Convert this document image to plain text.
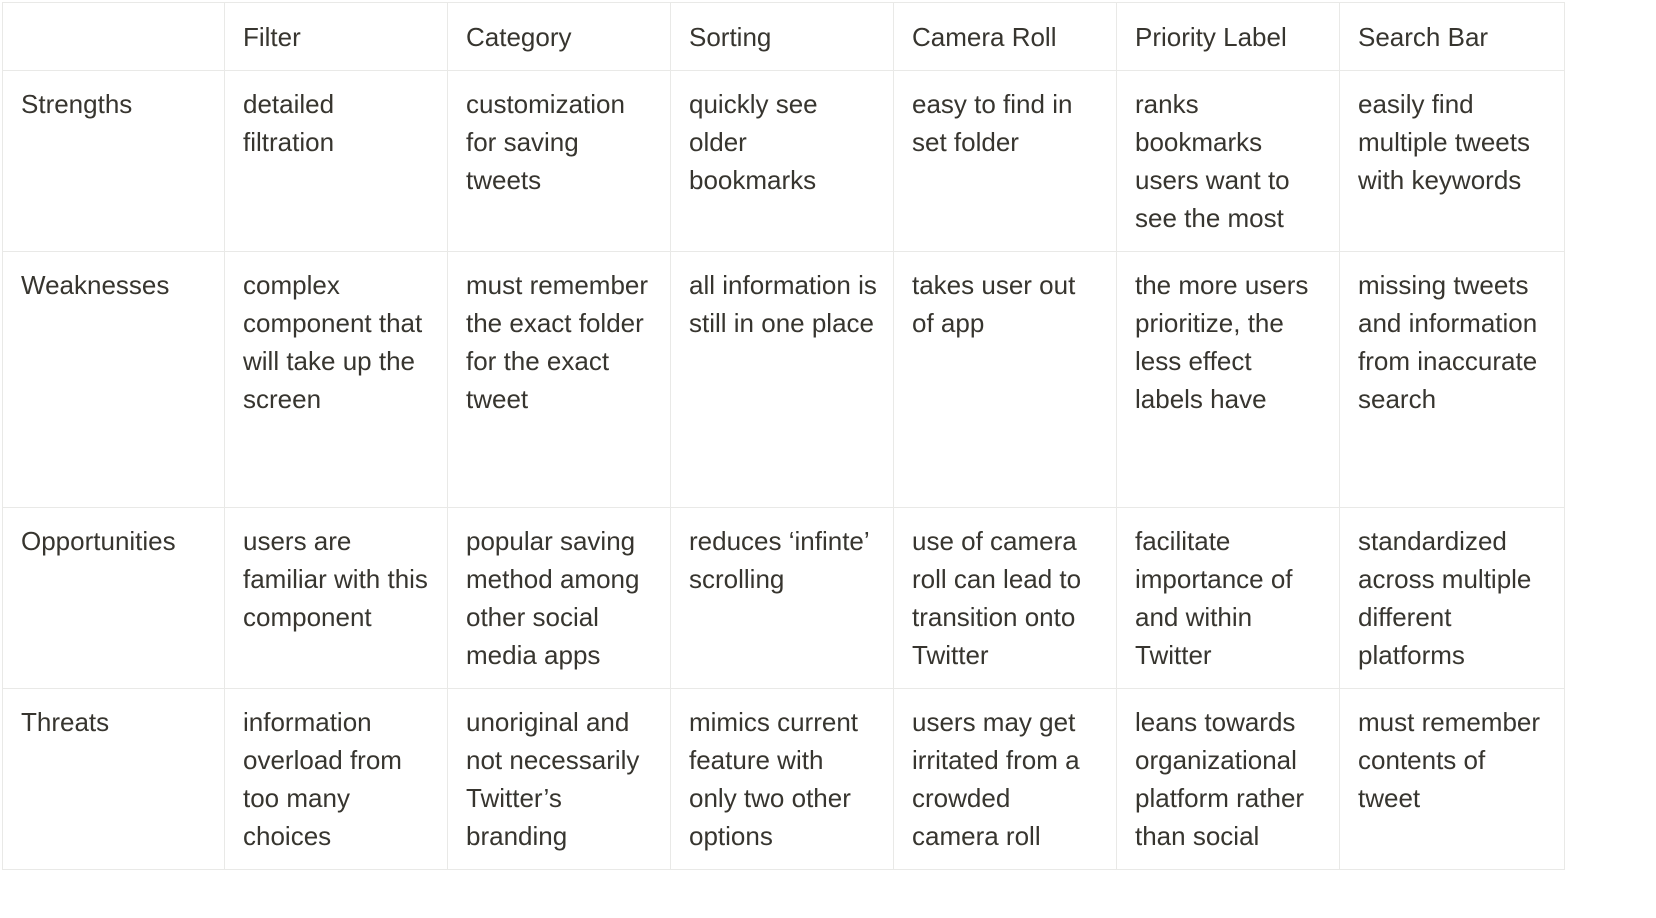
	Filter	Category	Sorting	Camera Roll	Priority Label	Search Bar
Strengths	detailed filtration	customization for saving tweets	quickly see older bookmarks	easy to find in set folder	ranks bookmarks users want to see the most	easily find multiple tweets with keywords
Weaknesses	complex component that will take up the screen	must remember the exact folder for the exact tweet	all information is still in one place	takes user out of app	the more users prioritize, the less effect labels have	missing tweets and information from inaccurate search
Opportunities	users are familiar with this component	popular saving method among other social media apps	reduces ‘infinte’ scrolling	use of camera roll can lead to transition onto Twitter	facilitate importance of and within Twitter	standardized across multiple different platforms
Threats	information overload from too many choices	unoriginal and not necessarily Twitter’s branding	mimics current feature with only two other options	users may get irritated from a crowded camera roll	leans towards organizational platform rather than social	must remember contents of tweet
